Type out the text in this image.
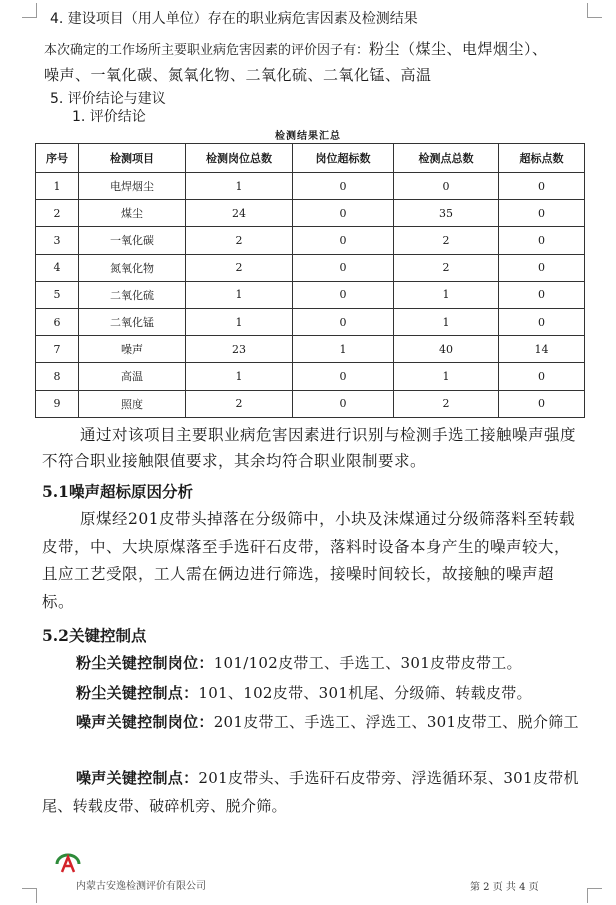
4. 建设项目（用人单位）存在的职业病危害因素及检测结果
本次确定的工作场所主要职业病危害因素的评价因子有：粉尘（煤尘、电焊烟尘）、
噪声、一氧化碳、氮氧化物、二氧化硫、二氧化锰、高温
5. 评价结论与建议
1. 评价结论
检测结果汇总
序号	检测项目	检测岗位总数	岗位超标数	检测点总数	超标点数
1	电焊烟尘	1	0	0	0
2	煤尘	24	0	35	0
3	一氧化碳	2	0	2	0
4	氮氧化物	2	0	2	0
5	二氧化硫	1	0	1	0
6	二氧化锰	1	0	1	0
7	噪声	23	1	40	14
8	高温	1	0	1	0
9	照度	2	0	2	0
通过对该项目主要职业病危害因素进行识别与检测手选工接触噪声强度不符合职业接触限值要求，其余均符合职业限制要求。
5.1噪声超标原因分析
原煤经201皮带头掉落在分级筛中，小块及沫煤通过分级筛落料至转载皮带，中、大块原煤落至手选矸石皮带，落料时设备本身产生的噪声较大，且应工艺受限，工人需在俩边进行筛选，接噪时间较长，故接触的噪声超标。
5.2关键控制点
粉尘关键控制岗位：101/102皮带工、手选工、301皮带皮带工。
粉尘关键控制点：101、102皮带、301机尾、分级筛、转载皮带。
噪声关键控制岗位：201皮带工、手选工、浮选工、301皮带工、脱介筛工
噪声关键控制点：201皮带头、手选矸石皮带旁、浮选循环泵、301皮带机尾、转载皮带、破碎机旁、脱介筛。
内蒙古安逸检测评价有限公司	第 2 页 共 4 页
